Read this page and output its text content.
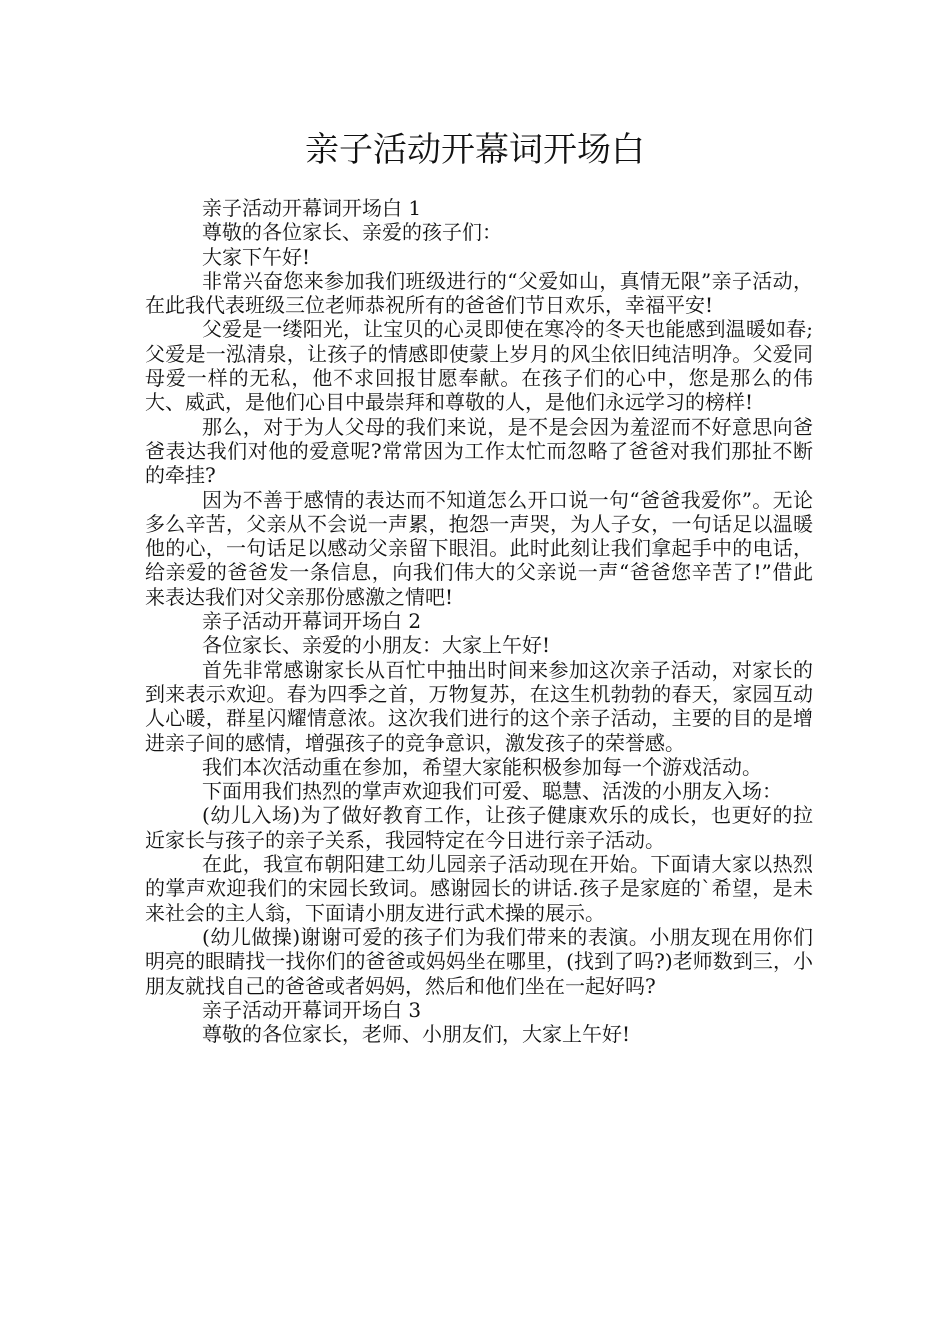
亲子活动开幕词开场白

亲子活动开幕词开场白 1

尊敬的各位家长、亲爱的孩子们：

大家下午好!

非常兴奋您来参加我们班级进行的“父爱如山，真情无限”亲子活动，在此我代表班级三位老师恭祝所有的爸爸们节日欢乐，幸福平安!

父爱是一缕阳光，让宝贝的心灵即使在寒冷的冬天也能感到温暖如春;父爱是一泓清泉，让孩子的情感即使蒙上岁月的风尘依旧纯洁明净。父爱同母爱一样的无私，他不求回报甘愿奉献。在孩子们的心中，您是那么的伟大、威武，是他们心目中最崇拜和尊敬的人，是他们永远学习的榜样!

那么，对于为人父母的我们来说，是不是会因为羞涩而不好意思向爸爸表达我们对他的爱意呢?常常因为工作太忙而忽略了爸爸对我们那扯不断的牵挂?

因为不善于感情的表达而不知道怎么开口说一句“爸爸我爱你”。无论多么辛苦，父亲从不会说一声累，抱怨一声哭，为人子女，一句话足以温暖他的心，一句话足以感动父亲留下眼泪。此时此刻让我们拿起手中的电话，给亲爱的爸爸发一条信息，向我们伟大的父亲说一声“爸爸您辛苦了!”借此来表达我们对父亲那份感激之情吧!

亲子活动开幕词开场白 2

各位家长、亲爱的小朋友：大家上午好!

首先非常感谢家长从百忙中抽出时间来参加这次亲子活动，对家长的到来表示欢迎。春为四季之首，万物复苏，在这生机勃勃的春天，家园互动人心暖，群星闪耀情意浓。这次我们进行的这个亲子活动，主要的目的是增进亲子间的感情，增强孩子的竞争意识，激发孩子的荣誉感。

我们本次活动重在参加，希望大家能积极参加每一个游戏活动。

下面用我们热烈的掌声欢迎我们可爱、聪慧、活泼的小朋友入场：

(幼儿入场)为了做好教育工作，让孩子健康欢乐的成长，也更好的拉近家长与孩子的亲子关系，我园特定在今日进行亲子活动。

在此，我宣布朝阳建工幼儿园亲子活动现在开始。下面请大家以热烈的掌声欢迎我们的宋园长致词。感谢园长的讲话.孩子是家庭的`希望，是未来社会的主人翁，下面请小朋友进行武术操的展示。

(幼儿做操)谢谢可爱的孩子们为我们带来的表演。小朋友现在用你们明亮的眼睛找一找你们的爸爸或妈妈坐在哪里，(找到了吗?)老师数到三，小朋友就找自己的爸爸或者妈妈，然后和他们坐在一起好吗?

亲子活动开幕词开场白 3

尊敬的各位家长，老师、小朋友们，大家上午好!
